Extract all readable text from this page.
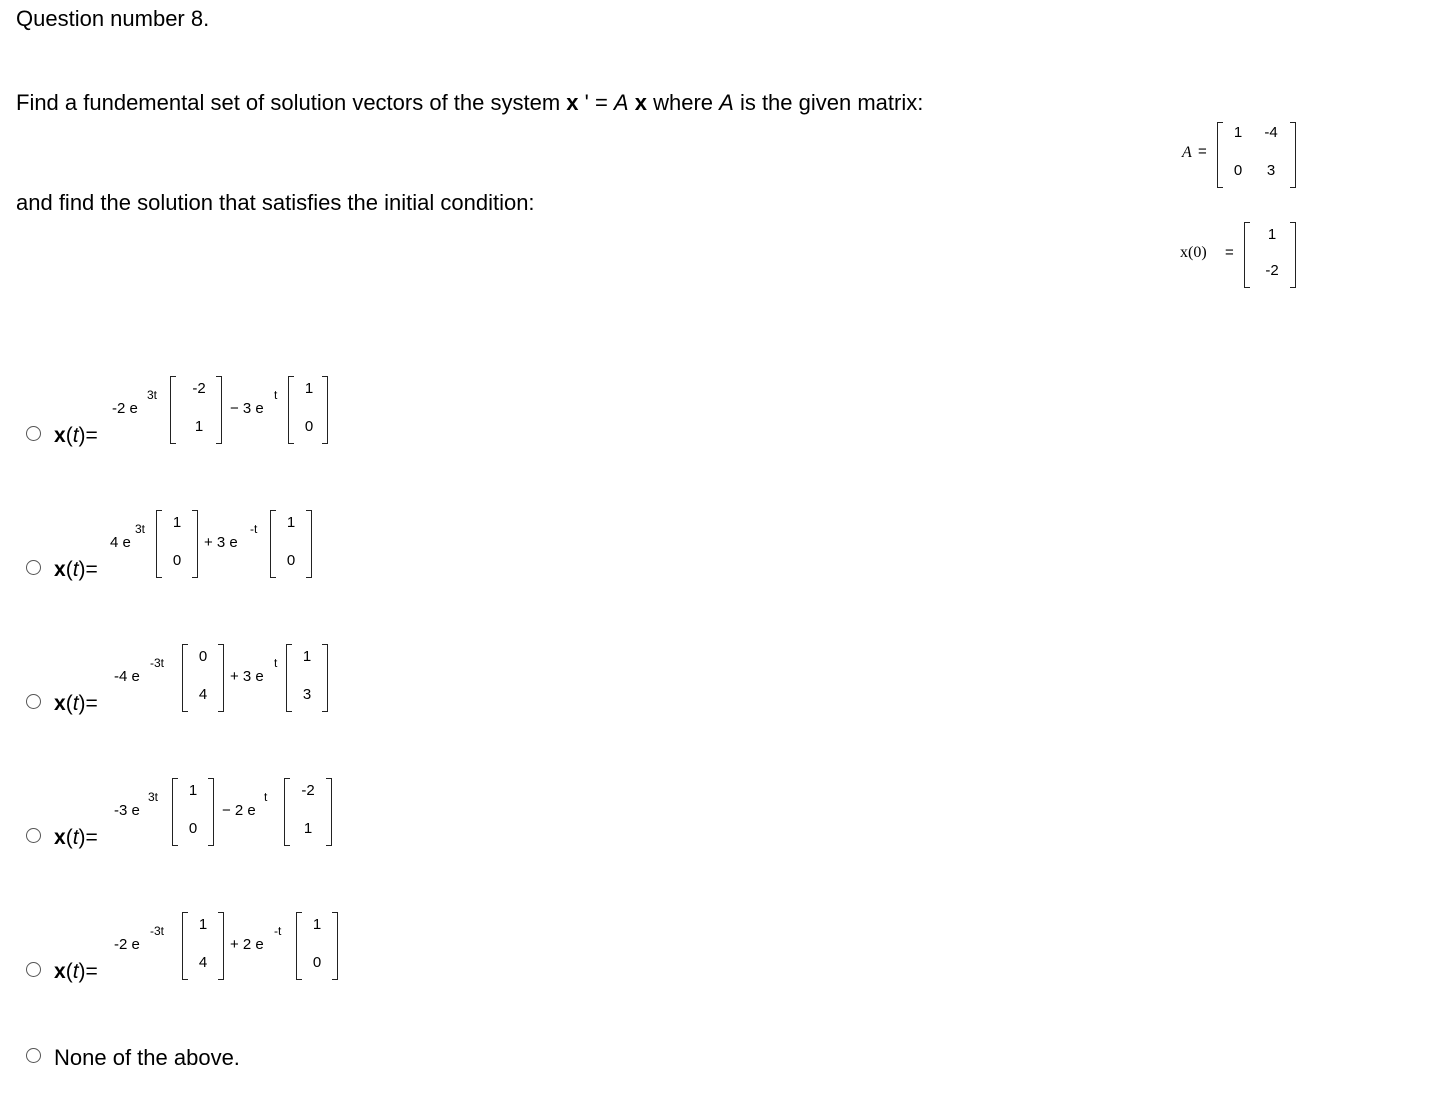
Question number 8.
Find a fundemental set of solution vectors of the system x ' = A x where A is the given matrix:
and find the solution that satisfies the initial condition:
A =
1	-4
0	3
x(0) =
1
-2
x(t)=
-2 e
3t	-2
1
− 3 e
t	1
0
x(t)=
4 e
3t	1
0
+ 3 e
-t	1
0
x(t)=
-4 e
-3t	0
4
+ 3 e
t	1
3
x(t)=
-3 e
3t	1
0
− 2 e
t	-2
1
x(t)=
-2 e
-3t	1
4
+ 2 e
-t	1
0
None of the above.
